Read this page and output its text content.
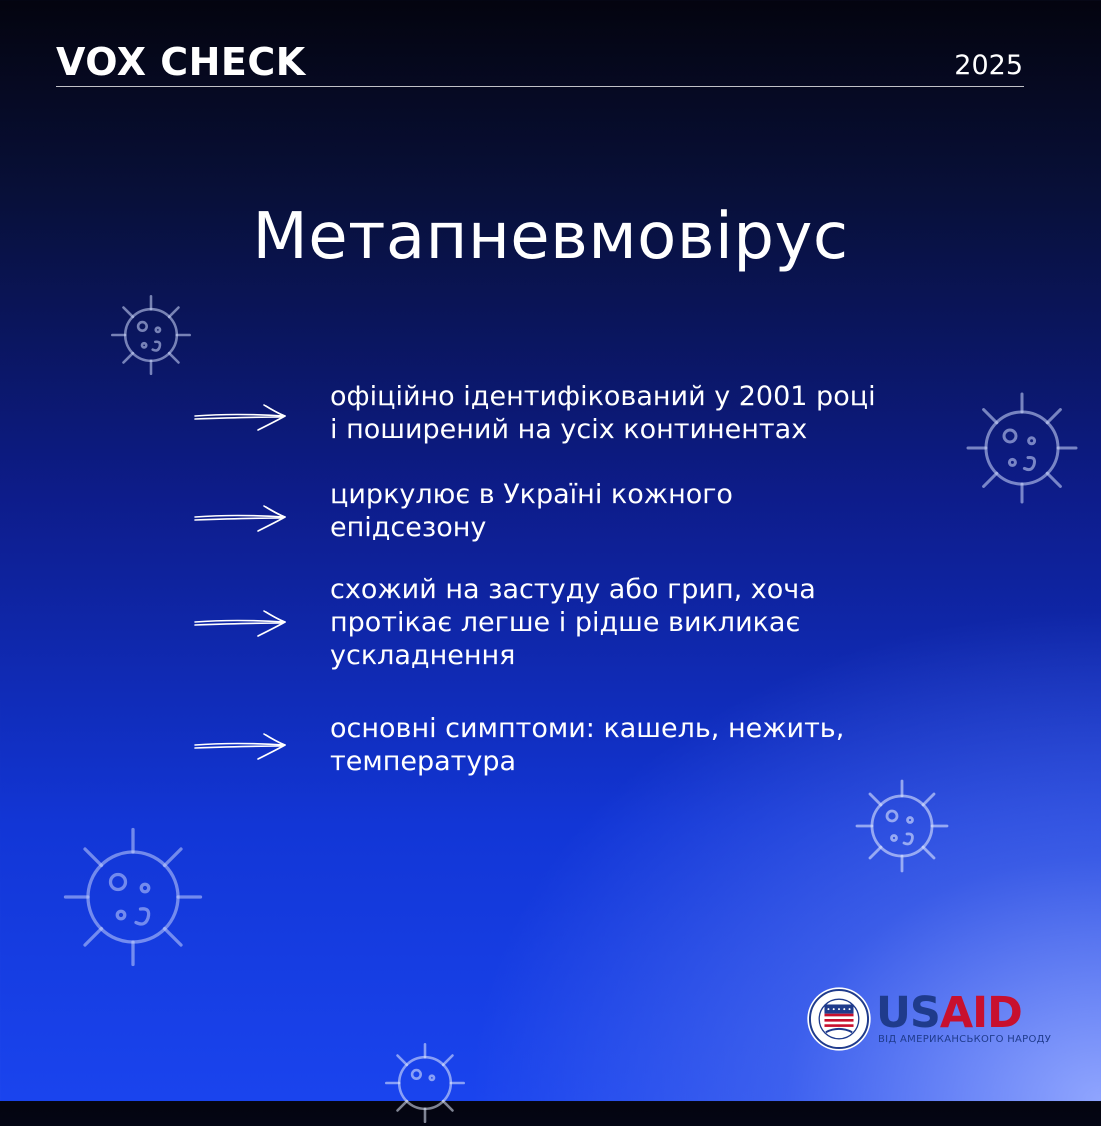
VOX CHECK	2025
Метапневмовірус
офіційно ідентифікований у 2001 році
і поширений на усіх континентах
циркулює в Україні кожного
епідсезону
схожий на застуду або грип, хоча
протікає легше і рідше викликає
ускладнення
основні симптоми: кашель, нежить,
температура
USAID
ВІД АМЕРИКАНСЬКОГО НАРОДУ
